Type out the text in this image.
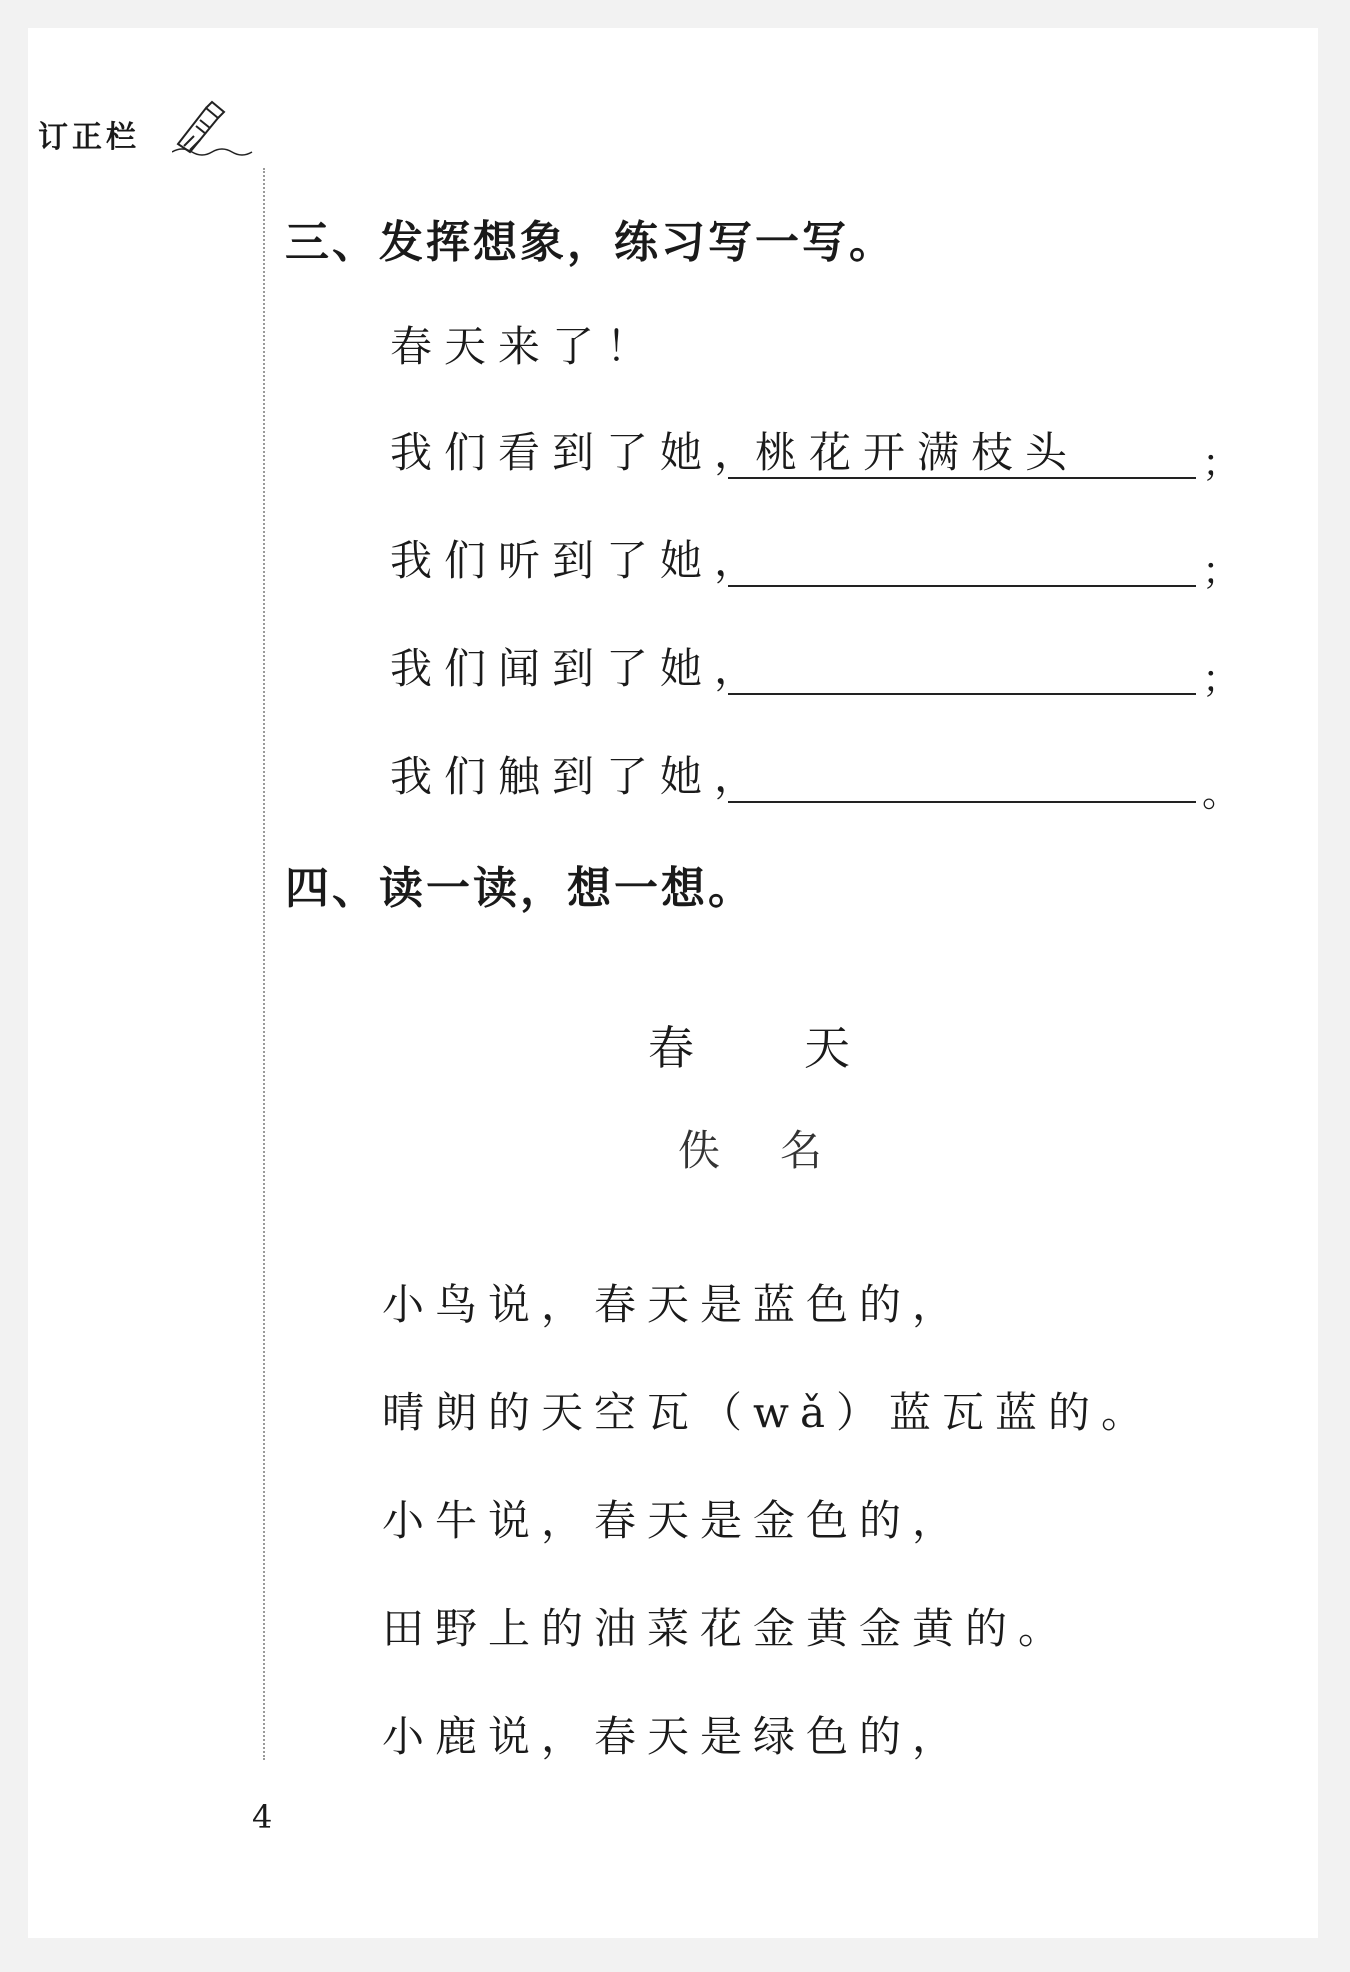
订正栏
三、发挥想象，练习写一写。
春天来了！
我们看到了她，
桃花开满枝头	；
我们听到了她，	；
我们闻到了她，	；
我们触到了她，	。
四、读一读，想一想。
春天
佚名
小鸟说，春天是蓝色的，
晴朗的天空瓦（wǎ）蓝瓦蓝的。
小牛说，春天是金色的，
田野上的油菜花金黄金黄的。
小鹿说，春天是绿色的，
4
